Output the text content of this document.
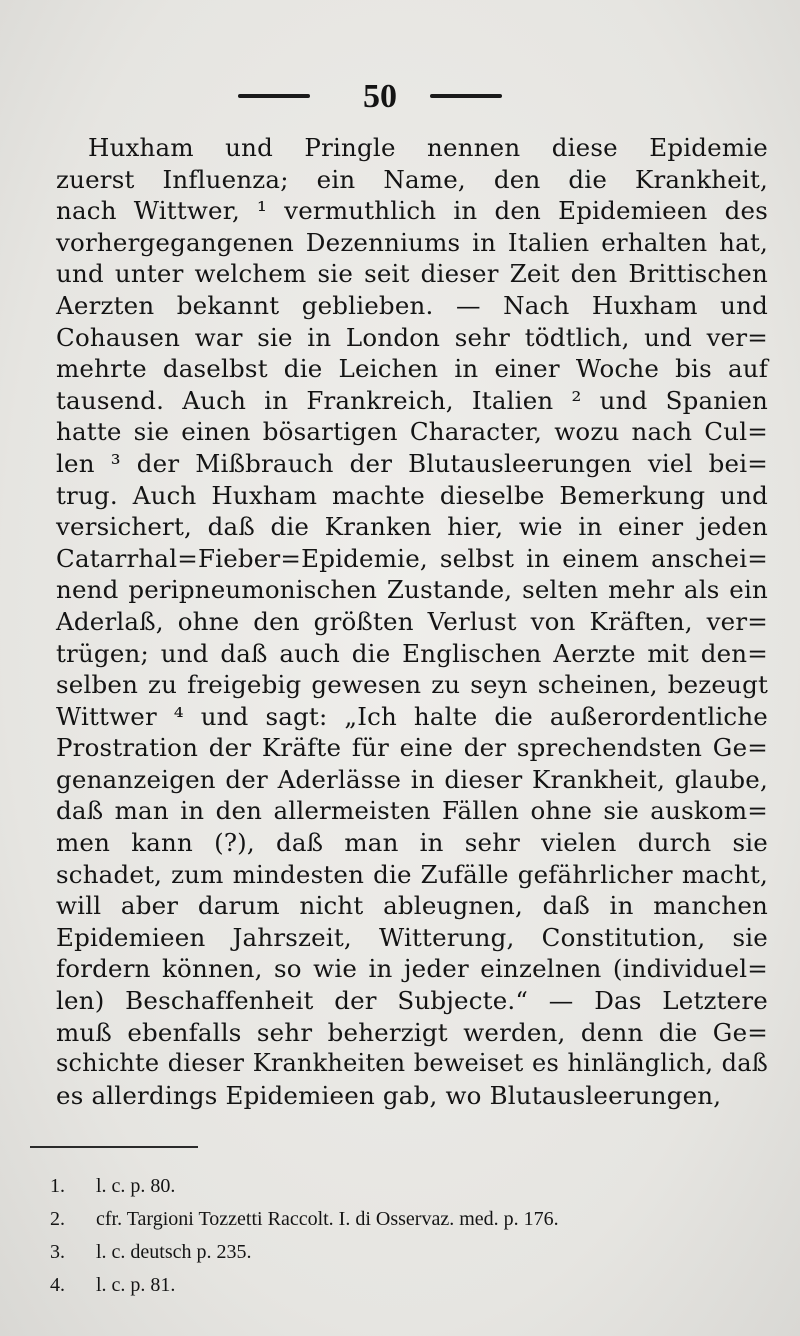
50
Huxham und Pringle nennen diese Epidemie
zuerst Influenza; ein Name, den die Krankheit,
nach Wittwer, ¹ vermuthlich in den Epidemieen des
vorhergegangenen Dezenniums in Italien erhalten hat,
und unter welchem sie seit dieser Zeit den Brittischen
Aerzten bekannt geblieben. — Nach Huxham und
Cohausen war sie in London sehr tödtlich, und ver=
mehrte daselbst die Leichen in einer Woche bis auf
tausend. Auch in Frankreich, Italien ² und Spanien
hatte sie einen bösartigen Character, wozu nach Cul=
len ³ der Mißbrauch der Blutausleerungen viel bei=
trug. Auch Huxham machte dieselbe Bemerkung und
versichert, daß die Kranken hier, wie in einer jeden
Catarrhal=Fieber=Epidemie, selbst in einem anschei=
nend peripneumonischen Zustande, selten mehr als ein
Aderlaß, ohne den größten Verlust von Kräften, ver=
trügen; und daß auch die Englischen Aerzte mit den=
selben zu freigebig gewesen zu seyn scheinen, bezeugt
Wittwer ⁴ und sagt: „Ich halte die außerordentliche
Prostration der Kräfte für eine der sprechendsten Ge=
genanzeigen der Aderlässe in dieser Krankheit, glaube,
daß man in den allermeisten Fällen ohne sie auskom=
men kann (?), daß man in sehr vielen durch sie
schadet, zum mindesten die Zufälle gefährlicher macht,
will aber darum nicht ableugnen, daß in manchen
Epidemieen Jahrszeit, Witterung, Constitution, sie
fordern können, so wie in jeder einzelnen (individuel=
len) Beschaffenheit der Subjecte.“ — Das Letztere
muß ebenfalls sehr beherzigt werden, denn die Ge=
schichte dieser Krankheiten beweiset es hinlänglich, daß
es allerdings Epidemieen gab, wo Blutausleerungen,
1. l. c. p. 80.
2. cfr. Targioni Tozzetti Raccolt. I. di Osservaz. med. p. 176.
3. l. c. deutsch p. 235.
4. l. c. p. 81.
